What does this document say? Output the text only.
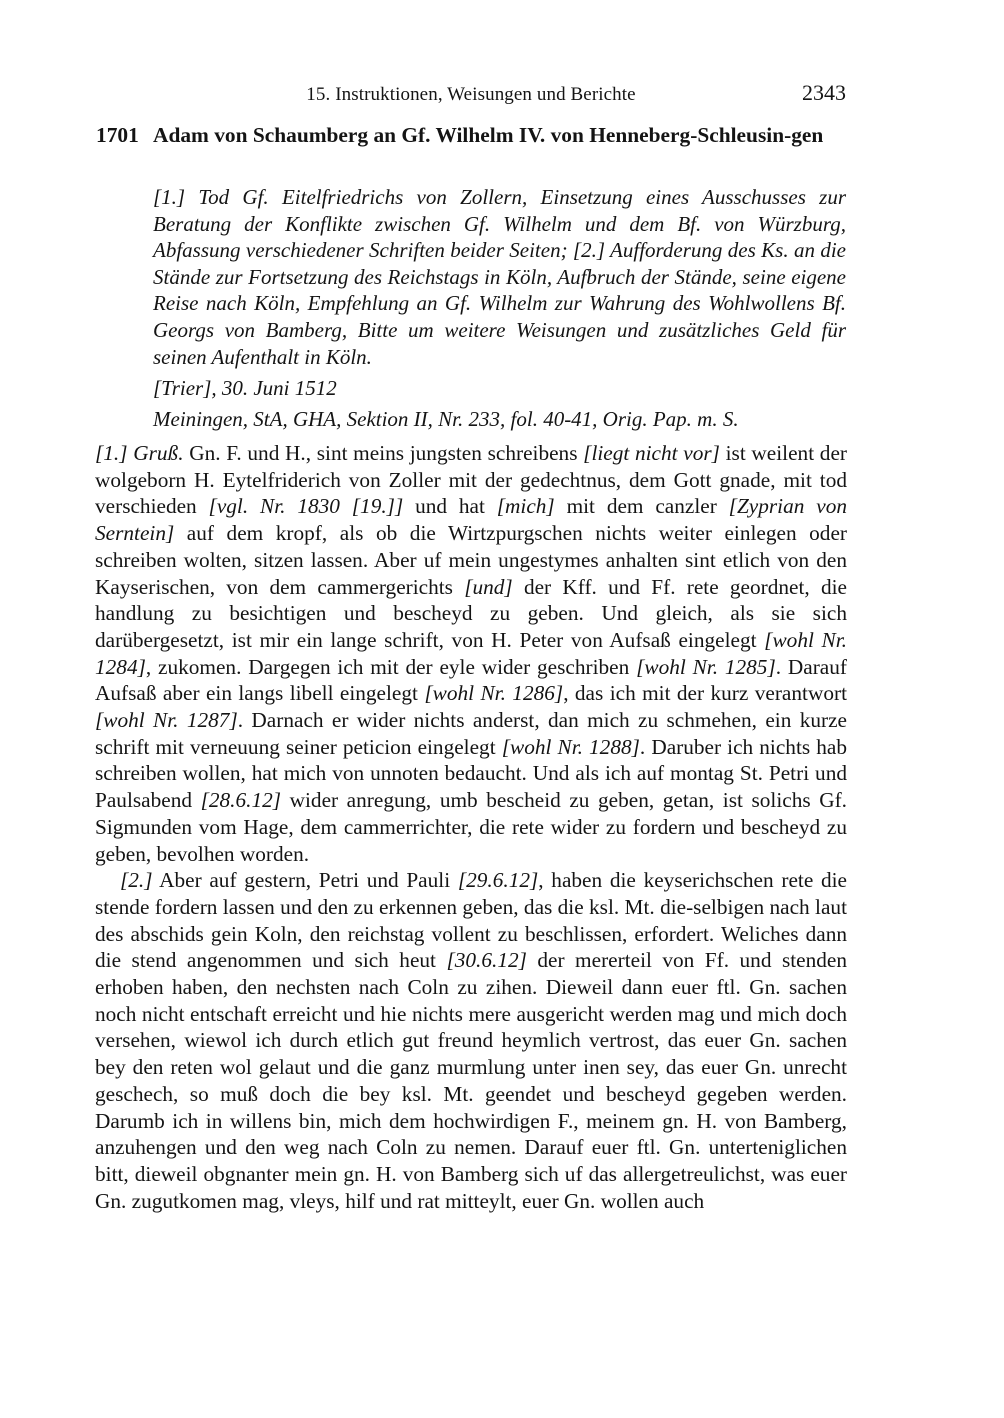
15. Instruktionen, Weisungen und Berichte	2343
1701 Adam von Schaumberg an Gf. Wilhelm IV. von Henneberg-Schleusin-gen

[1.] Tod Gf. Eitelfriedrichs von Zollern, Einsetzung eines Ausschusses zur Beratung der Konflikte zwischen Gf. Wilhelm und dem Bf. von Würzburg, Abfassung verschiedener Schriften beider Seiten; [2.] Aufforderung des Ks. an die Stände zur Fortsetzung des Reichstags in Köln, Aufbruch der Stände, seine eigene Reise nach Köln, Empfehlung an Gf. Wilhelm zur Wahrung des Wohlwollens Bf. Georgs von Bamberg, Bitte um weitere Weisungen und zusätzliches Geld für seinen Aufenthalt in Köln.

[Trier], 30. Juni 1512
Meiningen, StA, GHA, Sektion II, Nr. 233, fol. 40-41, Orig. Pap. m. S.

[1.] Gruß. Gn. F. und H., sint meins jungsten schreibens [liegt nicht vor] ist weilent der wolgeborn H. Eytelfriderich von Zoller mit der gedechtnus, dem Gott gnade, mit tod verschieden [vgl. Nr. 1830 [19.]] und hat [mich] mit dem canzler [Zyprian von Serntein] auf dem kropf, als ob die Wirtzpurgschen nichts weiter einlegen oder schreiben wolten, sitzen lassen. Aber uf mein ungestymes anhalten sint etlich von den Kayserischen, von dem cammergerichts [und] der Kff. und Ff. rete geordnet, die handlung zu besichtigen und bescheyd zu geben. Und gleich, als sie sich darübergesetzt, ist mir ein lange schrift, von H. Peter von Aufsaß eingelegt [wohl Nr. 1284], zukomen. Dargegen ich mit der eyle wider geschriben [wohl Nr. 1285]. Darauf Aufsaß aber ein langs libell eingelegt [wohl Nr. 1286], das ich mit der kurz verantwort [wohl Nr. 1287]. Darnach er wider nichts anderst, dan mich zu schmehen, ein kurze schrift mit verneuung seiner peticion eingelegt [wohl Nr. 1288]. Daruber ich nichts hab schreiben wollen, hat mich von unnoten bedaucht. Und als ich auf montag St. Petri und Paulsabend [28.6.12] wider anregung, umb bescheid zu geben, getan, ist solichs Gf. Sigmunden vom Hage, dem cammerrichter, die rete wider zu fordern und bescheyd zu geben, bevolhen worden.

[2.] Aber auf gestern, Petri und Pauli [29.6.12], haben die keyserichschen rete die stende fordern lassen und den zu erkennen geben, das die ksl. Mt. die-selbigen nach laut des abschids gein Koln, den reichstag vollent zu beschlissen, erfordert. Weliches dann die stend angenommen und sich heut [30.6.12] der mererteil von Ff. und stenden erhoben haben, den nechsten nach Coln zu zihen. Dieweil dann euer ftl. Gn. sachen noch nicht entschaft erreicht und hie nichts mere ausgericht werden mag und mich doch versehen, wiewol ich durch etlich gut freund heymlich vertrost, das euer Gn. sachen bey den reten wol gelaut und die ganz murmlung unter inen sey, das euer Gn. unrecht geschech, so muß doch die bey ksl. Mt. geendet und bescheyd gegeben werden. Darumb ich in willens bin, mich dem hochwirdigen F., meinem gn. H. von Bamberg, anzuhengen und den weg nach Coln zu nemen. Darauf euer ftl. Gn. untertenіglichen bitt, dieweil obgnanter mein gn. H. von Bamberg sich uf das allergetreulichst, was euer Gn. zugutkomen mag, vleys, hilf und rat mitteylt, euer Gn. wollen auch
